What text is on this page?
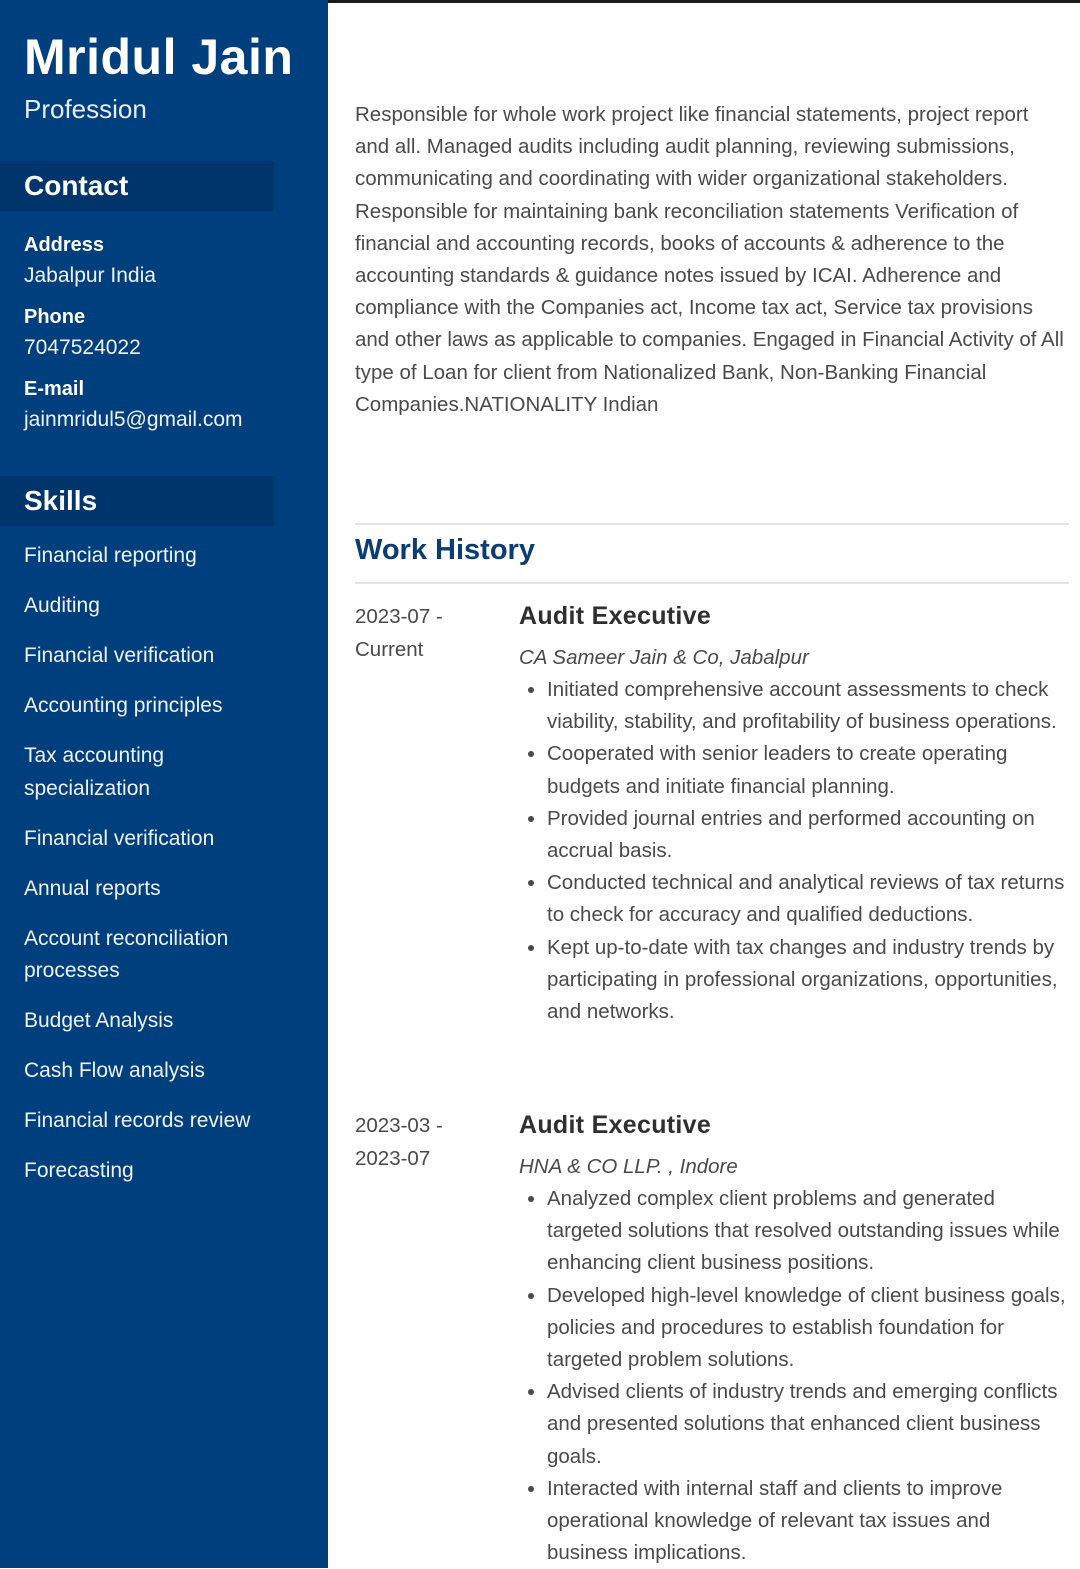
Mridul Jain
Profession
Contact
Address
Jabalpur India
Phone
7047524022
E-mail
jainmridul5@gmail.com
Skills
Financial reporting
Auditing
Financial verification
Accounting principles
Tax accounting specialization
Financial verification
Annual reports
Account reconciliation processes
Budget Analysis
Cash Flow analysis
Financial records review
Forecasting

Responsible for whole work project like financial statements, project report and all. Managed audits including audit planning, reviewing submissions, communicating and coordinating with wider organizational stakeholders. Responsible for maintaining bank reconciliation statements Verification of financial and accounting records, books of accounts & adherence to the accounting standards & guidance notes issued by ICAI. Adherence and compliance with the Companies act, Income tax act, Service tax provisions and other laws as applicable to companies. Engaged in Financial Activity of All type of Loan for client from Nationalized Bank, Non-Banking Financial Companies.NATIONALITY Indian

Work History
2023-07 -
Current
Audit Executive
CA Sameer Jain & Co, Jabalpur
• Initiated comprehensive account assessments to check viability, stability, and profitability of business operations.
• Cooperated with senior leaders to create operating budgets and initiate financial planning.
• Provided journal entries and performed accounting on accrual basis.
• Conducted technical and analytical reviews of tax returns to check for accuracy and qualified deductions.
• Kept up-to-date with tax changes and industry trends by participating in professional organizations, opportunities, and networks.
2023-03 -
2023-07
Audit Executive
HNA & CO LLP. , Indore
• Analyzed complex client problems and generated targeted solutions that resolved outstanding issues while enhancing client business positions.
• Developed high-level knowledge of client business goals, policies and procedures to establish foundation for targeted problem solutions.
• Advised clients of industry trends and emerging conflicts and presented solutions that enhanced client business goals.
• Interacted with internal staff and clients to improve operational knowledge of relevant tax issues and business implications.
